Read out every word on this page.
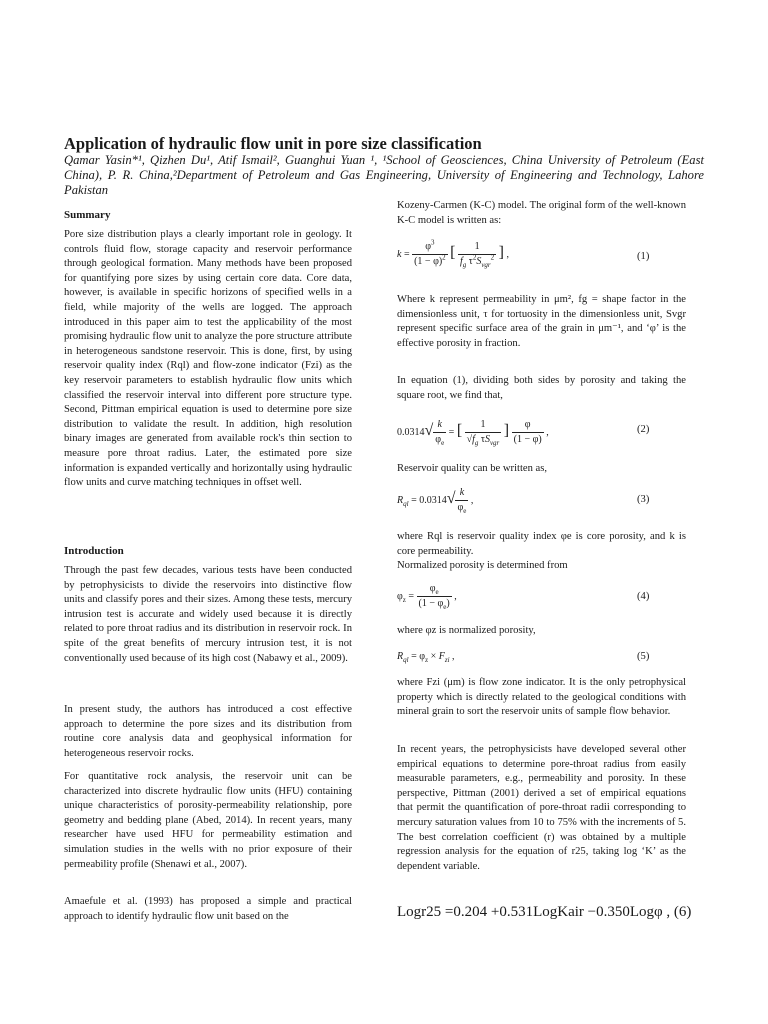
Application of hydraulic flow unit in pore size classification
Qamar Yasin*¹, Qizhen Du¹, Atif Ismail², Guanghui Yuan ¹, ¹School of Geosciences, China University of Petroleum (East China), P. R. China,²Department of Petroleum and Gas Engineering, University of Engineering and Technology, Lahore Pakistan
Summary
Pore size distribution plays a clearly important role in geology. It controls fluid flow, storage capacity and reservoir performance through geological formation. Many methods have been proposed for quantifying pore sizes by using certain core data. Core data, however, is available in specific horizons of specified wells in a field, while majority of the wells are logged. The approach introduced in this paper aim to test the applicability of the most promising hydraulic flow unit to analyze the pore structure attribute in heterogeneous sandstone reservoir. This is done, first, by using reservoir quality index (Rql) and flow-zone indicator (Fzi) as the key reservoir parameters to establish hydraulic flow units which classified the reservoir interval into different pore structure type. Second, Pittman empirical equation is used to determine pore size distribution to validate the result. In addition, high resolution binary images are generated from available rock's thin section to measure pore throat radius. Later, the estimated pore size information is expanded vertically and horizontally using hydraulic flow units and curve matching techniques in offset well.
Introduction
Through the past few decades, various tests have been conducted by petrophysicists to divide the reservoirs into distinctive flow units and classify pores and their sizes. Among these tests, mercury intrusion test is accurate and widely used because it is directly related to pore throat radius and its distribution in reservoir rock. In spite of the great benefits of mercury intrusion test, it is not conventionally used because of its high cost (Nabawy et al., 2009).
In present study, the authors has introduced a cost effective approach to determine the pore sizes and its distribution from routine core analysis data and geophysical information for heterogeneous reservoir rocks.
For quantitative rock analysis, the reservoir unit can be characterized into discrete hydraulic flow units (HFU) containing unique characteristics of porosity-permeability relationship, pore geometry and bedding plane (Abed, 2014). In recent years, many researcher have used HFU for permeability estimation and simulation studies in the wells with no prior exposure of their permeability profile (Shenawi et al., 2007).
Amaefule et al. (1993) has proposed a simple and practical approach to identify hydraulic flow unit based on the
Kozeny-Carmen (K-C) model. The original form of the well-known K-C model is written as:
$k = \frac{\varphi^3}{(1 - \varphi)^2}$ [ $\frac{1}{f_g \tau^2S_{vgr}^2}$ ] ,	(1)
Where k represent permeability in μm², fg = shape factor in the dimensionless unit, τ for tortuosity in the dimensionless unit, Svgr represent specific surface area of the grain in μm⁻¹, and ‘φ’ is the effective porosity in fraction.
In equation (1), dividing both sides by porosity and taking the square root, we find that,
$0.0314√ \frac{k}{\varphi_e}$ = [ $\frac{1}{√f_g \tau S_{vgr}}$ ] $\frac{\varphi}{(1 - \varphi)}$ ,	(2)
Reservoir quality can be written as,
$R_{ql} = 0.0314√ \frac{k}{\varphi_e}$ ,	(3)
where Rql is reservoir quality index φe is core porosity, and k is core permeability.
Normalized porosity is determined from
$\varphi_z = \frac{\varphi_e}{(1 - \varphi_e)}$ ,	(4)
where φz is normalized porosity,
$R_{ql} = \varphi_z \times F_{zi}$ ,	(5)
where Fzi (μm) is flow zone indicator. It is the only petrophysical property which is directly related to the geological conditions with mineral grain to sort the reservoir units of sample flow behavior.
In recent years, the petrophysicists have developed several other empirical equations to determine pore-throat radius from easily measurable parameters, e.g., permeability and porosity. In these perspective, Pittman (2001) derived a set of empirical equations that permit the quantification of pore-throat radii corresponding to mercury saturation values from 10 to 75% with the increments of 5. The best correlation coefficient (r) was obtained by a multiple regression analysis for the equation of r25, taking log ‘K’ as the dependent variable.
Logr25 =0.204 +0.531LogKair −0.350Logφ , (6)
